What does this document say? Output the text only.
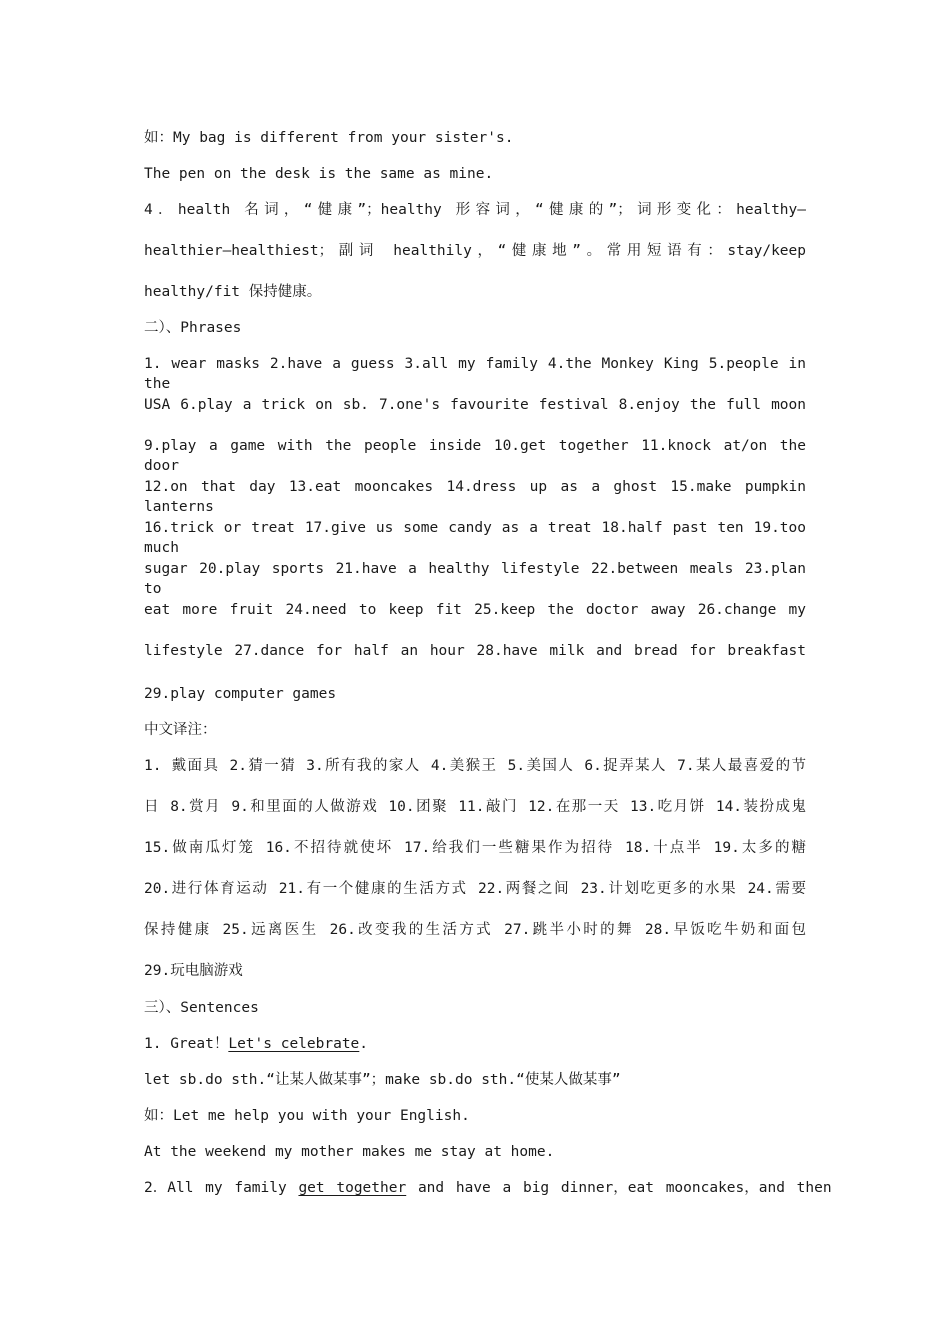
如：My bag is different from your sister's.
The pen on the desk is the same as mine.
4．health 名词，“健康”；healthy 形容词，“健康的”；词形变化：healthy—
healthier—healthiest；副词 healthily，“健康地”。常用短语有：stay/keep
healthy/fit 保持健康。
二）、Phrases
1. wear masks 2.have a guess 3.all my family 4.the Monkey King 5.people in the
USA 6.play a trick on sb. 7.one's favourite festival 8.enjoy the full moon
9.play a game with the people inside 10.get together 11.knock at/on the door
12.on that day 13.eat mooncakes 14.dress up as a ghost 15.make pumpkin lanterns
16.trick or treat 17.give us some candy as a treat 18.half past ten 19.too much
sugar 20.play sports 21.have a healthy lifestyle 22.between meals 23.plan to
eat more fruit 24.need to keep fit 25.keep the doctor away 26.change my
lifestyle 27.dance for half an hour 28.have milk and bread for breakfast
29.play computer games
中文译注：
1. 戴面具 2.猜一猜 3.所有我的家人 4.美猴王 5.美国人 6.捉弄某人 7.某人最喜爱的节
日 8.赏月 9.和里面的人做游戏 10.团聚 11.敲门 12.在那一天 13.吃月饼 14.装扮成鬼
15.做南瓜灯笼 16.不招待就使坏 17.给我们一些糖果作为招待 18.十点半 19.太多的糖
20.进行体育运动 21.有一个健康的生活方式 22.两餐之间 23.计划吃更多的水果 24.需要
保持健康 25.远离医生 26.改变我的生活方式 27.跳半小时的舞 28.早饭吃牛奶和面包
29.玩电脑游戏
三）、Sentences
1. Great！Let's celebrate.
let sb.do sth.“让某人做某事”；make sb.do sth.“使某人做某事”
如：Let me help you with your English.
At the weekend my mother makes me stay at home.
2．All my family get together and have a big dinner，eat mooncakes，and then
